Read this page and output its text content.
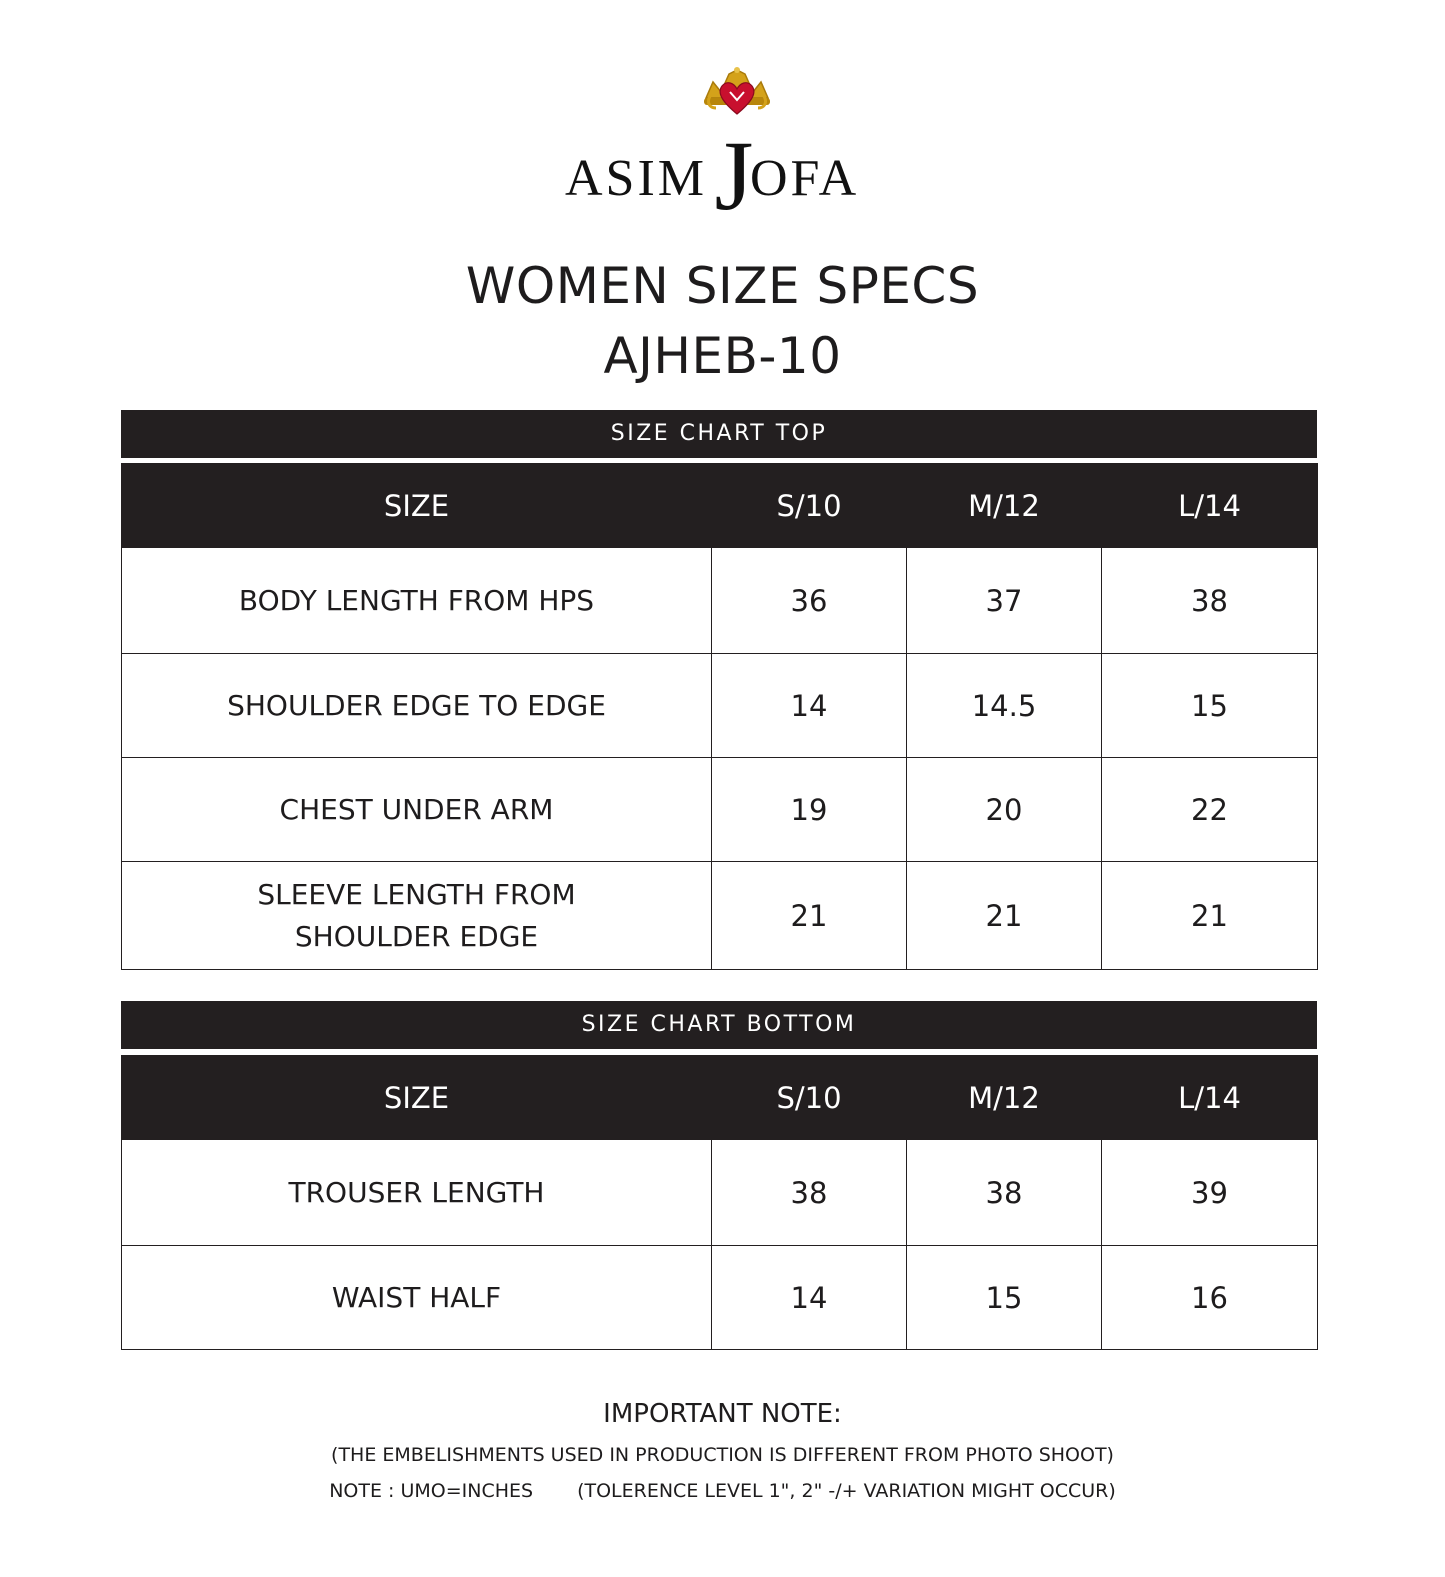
ASIM J
OFA
WOMEN SIZE SPECS
AJHEB-10
SIZE CHART TOP
SIZE	S/10	M/12	L/14
BODY LENGTH FROM HPS	36	37	38
SHOULDER EDGE TO EDGE	14	14.5	15
CHEST UNDER ARM	19	20	22
SLEEVE LENGTH FROM
SHOULDER EDGE	21	21	21
SIZE CHART BOTTOM
SIZE	S/10	M/12	L/14
TROUSER LENGTH	38	38	39
WAIST HALF	14	15	16
IMPORTANT NOTE:
(THE EMBELISHMENTS USED IN PRODUCTION IS DIFFERENT FROM PHOTO SHOOT)
NOTE : UMO=INCHES (TOLERENCE LEVEL 1", 2" -/+ VARIATION MIGHT OCCUR)
